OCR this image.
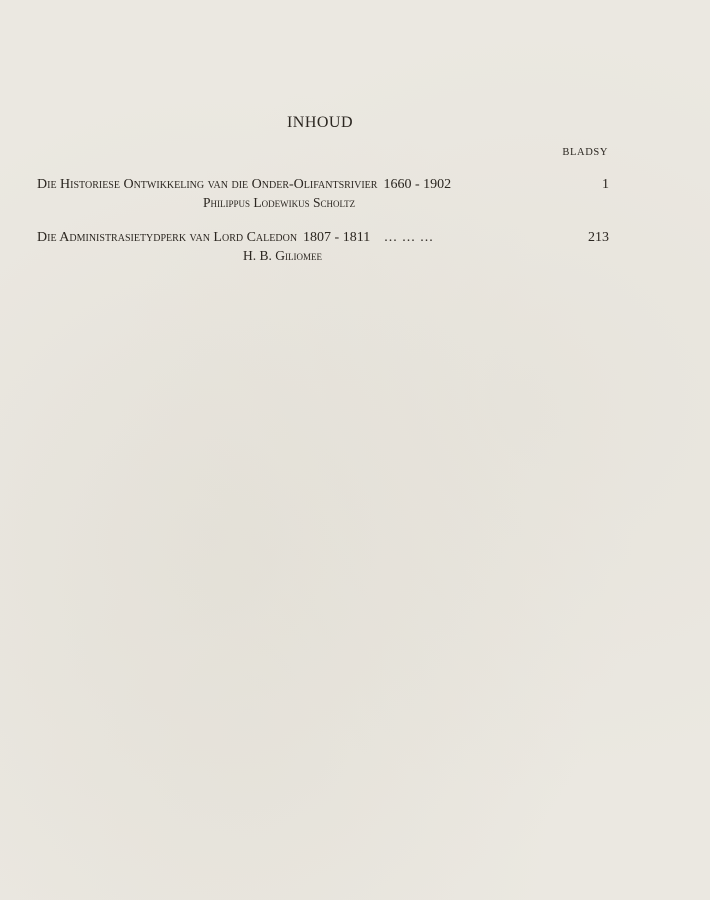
INHOUD
BLADSY
Die Historiese Ontwikkeling van die Onder-Olifantsrivier 1660 - 1902	1
Philippus Lodewikus Scholtz
Die Administrasietydperk van Lord Caledon 1807 - 1811 ... ... ...	213
H. B. Giliomee
